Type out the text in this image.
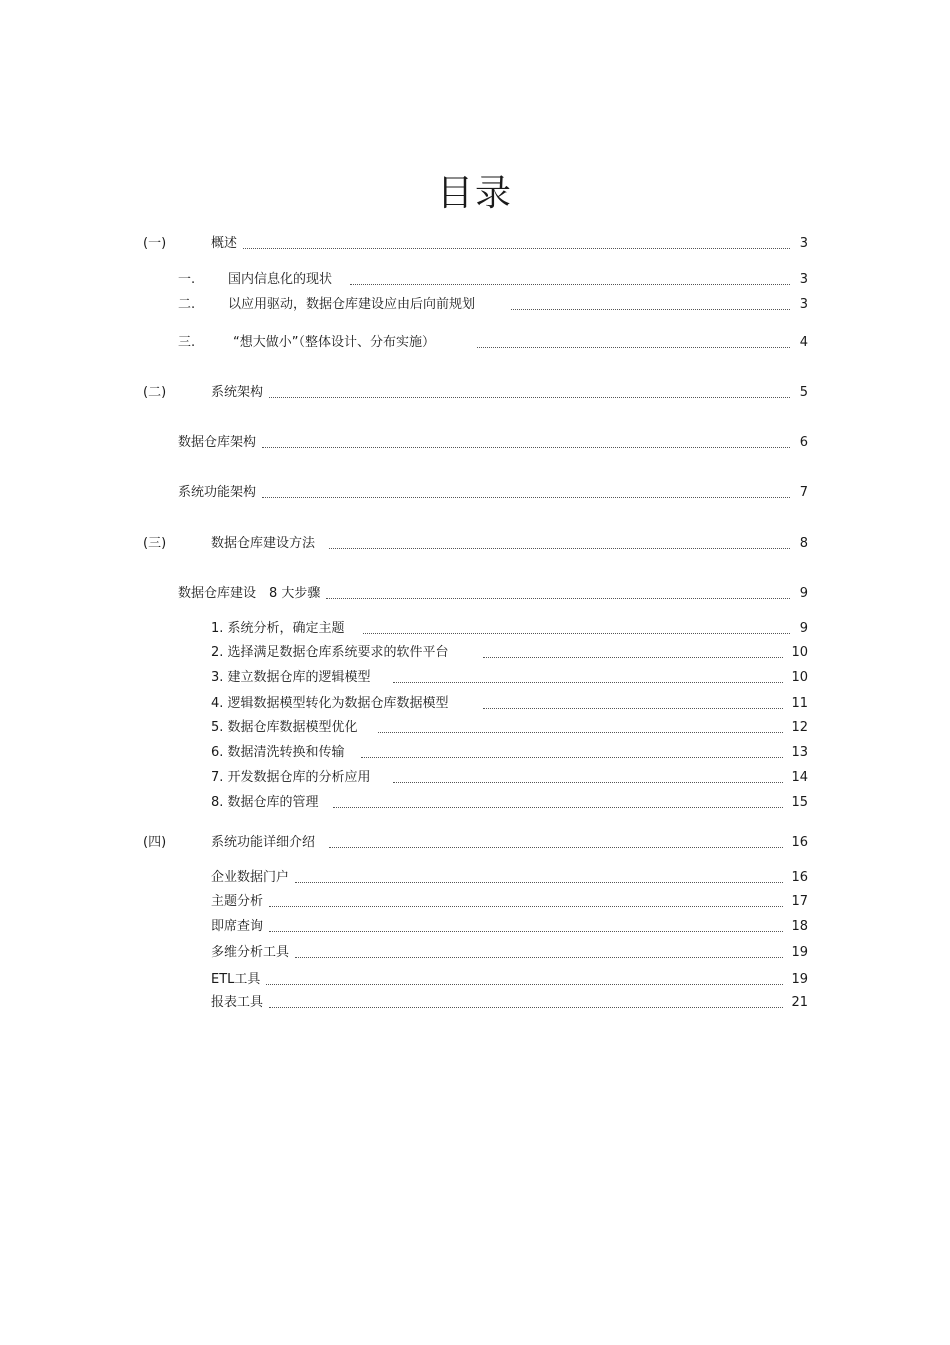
目录
(一)	概述	3
一.	国内信息化的现状	3
二.	以应用驱动，数据仓库建设应由后向前规划	3
三.	“想大做小”（整体设计、分布实施）	4
(二)	系统架构	5
数据仓库架构	6
系统功能架构	7
(三)	数据仓库建设方法	8
数据仓库建设　8 大步骤	9
1. 系统分析，确定主题	9
2. 选择满足数据仓库系统要求的软件平台	10
3. 建立数据仓库的逻辑模型	10
4. 逻辑数据模型转化为数据仓库数据模型	11
5. 数据仓库数据模型优化	12
6. 数据清洗转换和传输	13
7. 开发数据仓库的分析应用	14
8. 数据仓库的管理	15
(四)	系统功能详细介绍	16
企业数据门户	16
主题分析	17
即席查询	18
多维分析工具	19
ETL工具	19
报表工具	21
